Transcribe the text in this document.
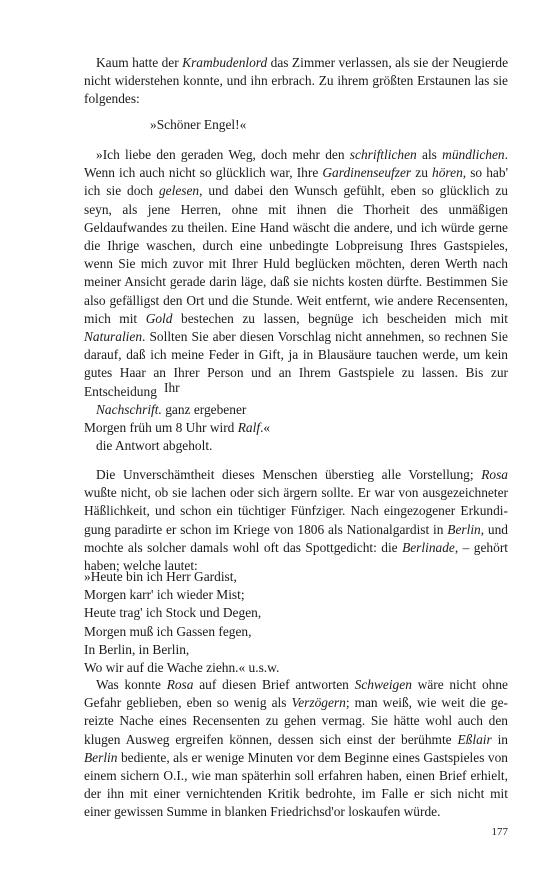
Kaum hatte der Krambudenlord das Zimmer verlassen, als sie der Neugierde nicht widerstehen konnte, und ihn erbrach. Zu ihrem größten Erstaunen las sie folgendes:

»Schöner Engel!«

»Ich liebe den geraden Weg, doch mehr den schriftlichen als mündlichen. Wenn ich auch nicht so glücklich war, Ihre Gardinenseufzer zu hören, so hab' ich sie doch gelesen, und dabei den Wunsch gefühlt, eben so glücklich zu seyn, als jene Herren, ohne mit ihnen die Thorheit des unmäßigen Geldaufwandes zu theilen. Eine Hand wäscht die andere, und ich würde gerne die Ihrige waschen, durch eine unbedingte Lobpreisung Ihres Gastspieles, wenn Sie mich zuvor mit Ihrer Huld beglücken möchten, deren Werth nach meiner Ansicht gerade darin läge, daß sie nichts kosten dürfte. Bestimmen Sie also gefälligst den Ort und die Stunde. Weit entfernt, wie andere Recensenten, mich mit Gold bestechen zu lassen, begnüge ich bescheiden mich mit Naturalien. Sollten Sie aber diesen Vorschlag nicht annehmen, so rechnen Sie darauf, daß ich meine Feder in Gift, ja in Blausäure tauchen werde, um kein gutes Haar an Ihrer Person und an Ihrem Gastspiele zu lassen. Bis zur Entscheidung Ihr

Nachschrift. ganz ergebener

Morgen früh um 8 Uhr wird Ralf.«

die Antwort abgeholt.

Die Unverschämtheit dieses Menschen überstieg alle Vorstellung; Rosa wußte nicht, ob sie lachen oder sich ärgern sollte. Er war von ausgezeichneter Häßlichkeit, und schon ein tüchtiger Fünfziger. Nach eingezogener Erkundigung paradirte er schon im Kriege von 1806 als Nationalgardist in Berlin, und mochte als solcher damals wohl oft das Spottgedicht: die Berlinade, – gehört haben; welche lautet:

»Heute bin ich Herr Gardist,
Morgen karr' ich wieder Mist;
Heute trag' ich Stock und Degen,
Morgen muß ich Gassen fegen,
In Berlin, in Berlin,
Wo wir auf die Wache ziehn.« u.s.w.

Was konnte Rosa auf diesen Brief antworten Schweigen wäre nicht ohne Gefahr geblieben, eben so wenig als Verzögern; man weiß, wie weit die gereizte Nache eines Recensenten zu gehen vermag. Sie hätte wohl auch den klugen Ausweg ergreifen können, dessen sich einst der berühmte Eßlair in Berlin bediente, als er wenige Minuten vor dem Beginne eines Gastspieles von einem sichern O.I., wie man späterhin soll erfahren haben, einen Brief erhielt, der ihn mit einer vernichtenden Kritik bedrohte, im Falle er sich nicht mit einer gewissen Summe in blanken Friedrichsd'or loskaufen würde.

177
